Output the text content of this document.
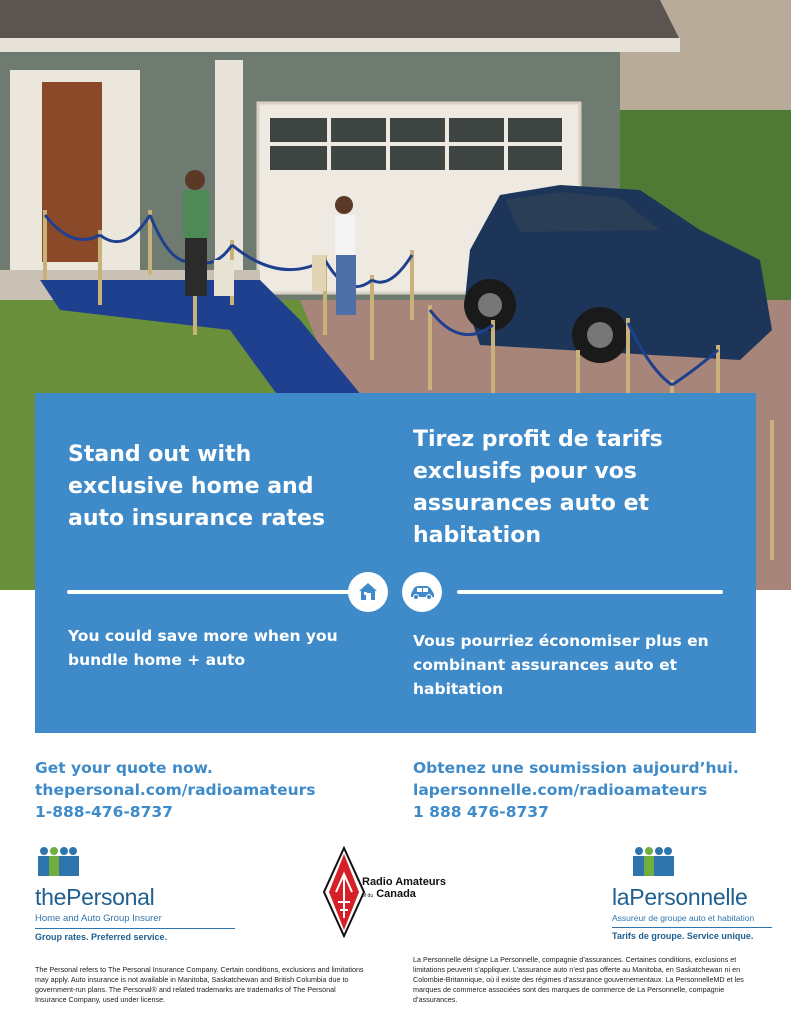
Stand out with exclusive home and auto insurance rates
Tirez profit de tarifs exclusifs pour vos assurances auto et habitation
You could save more when you bundle home + auto
Vous pourriez économiser plus en combinant assurances auto et habitation
Get your quote now.
thepersonal.com/radioamateurs
1-888-476-8737
Obtenez une soumission aujourd’hui.
lapersonnelle.com/radioamateurs
1 888 476-8737
thePersonal
Home and Auto Group Insurer
Group rates. Preferred service.
Radio Amateurs
of du Canada	laPersonnelle
Assureur de groupe auto et habitation
Tarifs de groupe. Service unique.
The Personal refers to The Personal Insurance Company. Certain conditions, exclusions and limitations may apply. Auto insurance is not available in Manitoba, Saskatchewan and British Columbia due to government-run plans. The Personal® and related trademarks are trademarks of The Personal Insurance Company, used under license.
La Personnelle désigne La Personnelle, compagnie d’assurances. Certaines conditions, exclusions et limitations peuvent s’appliquer. L’assurance auto n’est pas offerte au Manitoba, en Saskatchewan ni en Colombie-Britannique, où il existe des régimes d’assurance gouvernementaux. La PersonnelleMD et les marques de commerce associées sont des marques de commerce de La Personnelle, compagnie d’assurances.
